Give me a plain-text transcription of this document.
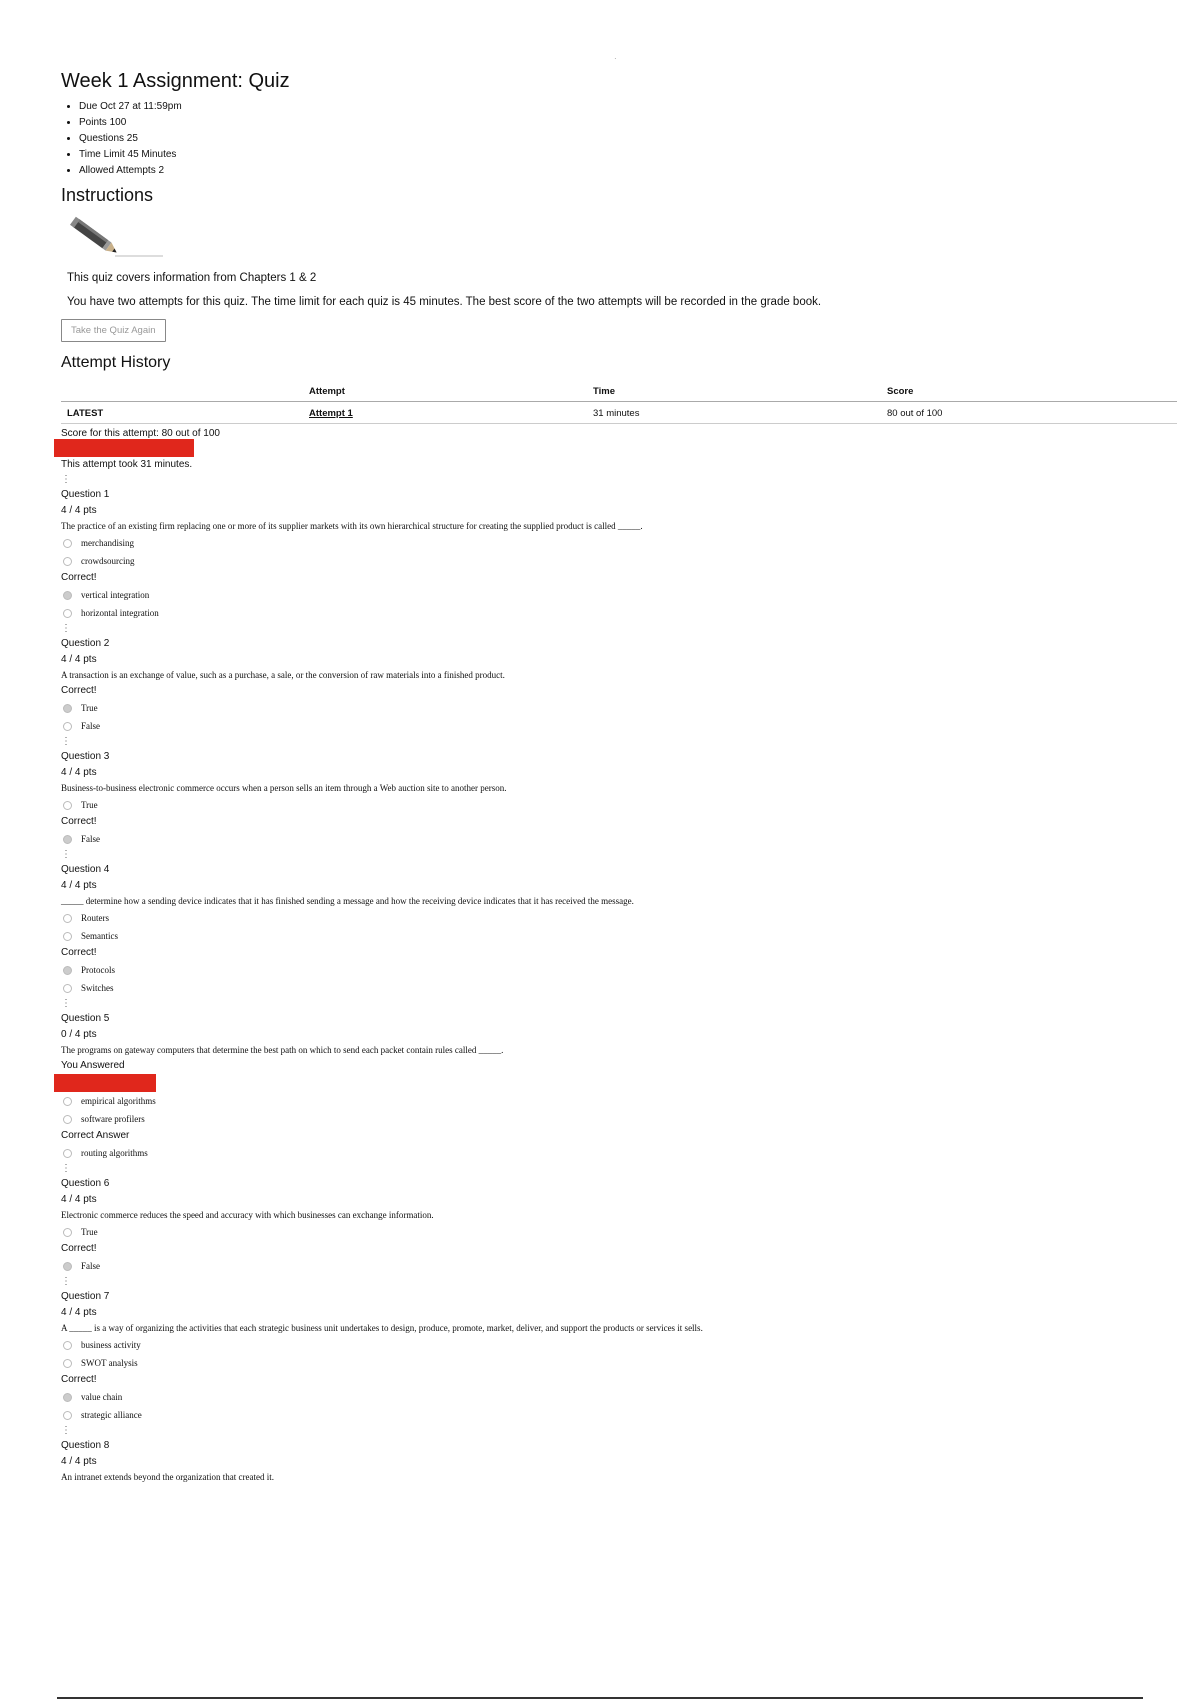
·
Week 1 Assignment: Quiz
• Due Oct 27 at 11:59pm
• Points 100
• Questions 25
• Time Limit 45 Minutes
• Allowed Attempts 2
Instructions
This quiz covers information from Chapters 1 & 2
You have two attempts for this quiz. The time limit for each quiz is 45 minutes. The best score of the two attempts will be recorded in the grade book.
Take the Quiz Again
Attempt History
	Attempt	Time	Score
LATEST	Attempt 1	31 minutes	80 out of 100
Score for this attempt: 80 out of 100
This attempt took 31 minutes.
⋮
Question 1
4 / 4 pts
The practice of an existing firm replacing one or more of its supplier markets with its own hierarchical structure for creating the supplied product is called _____.
merchandising
crowdsourcing
Correct!
vertical integration
horizontal integration
⋮
Question 2
4 / 4 pts
A transaction is an exchange of value, such as a purchase, a sale, or the conversion of raw materials into a finished product.
Correct!
True
False
⋮
Question 3
4 / 4 pts
Business-to-business electronic commerce occurs when a person sells an item through a Web auction site to another person.
True
Correct!
False
⋮
Question 4
4 / 4 pts
_____ determine how a sending device indicates that it has finished sending a message and how the receiving device indicates that it has received the message.
Routers
Semantics
Correct!
Protocols
Switches
⋮
Question 5
0 / 4 pts
The programs on gateway computers that determine the best path on which to send each packet contain rules called _____.
You Answered
empirical algorithms
software profilers
Correct Answer
routing algorithms
⋮
Question 6
4 / 4 pts
Electronic commerce reduces the speed and accuracy with which businesses can exchange information.
True
Correct!
False
⋮
Question 7
4 / 4 pts
A _____ is a way of organizing the activities that each strategic business unit undertakes to design, produce, promote, market, deliver, and support the products or services it sells.
business activity
SWOT analysis
Correct!
value chain
strategic alliance
⋮
Question 8
4 / 4 pts
An intranet extends beyond the organization that created it.
